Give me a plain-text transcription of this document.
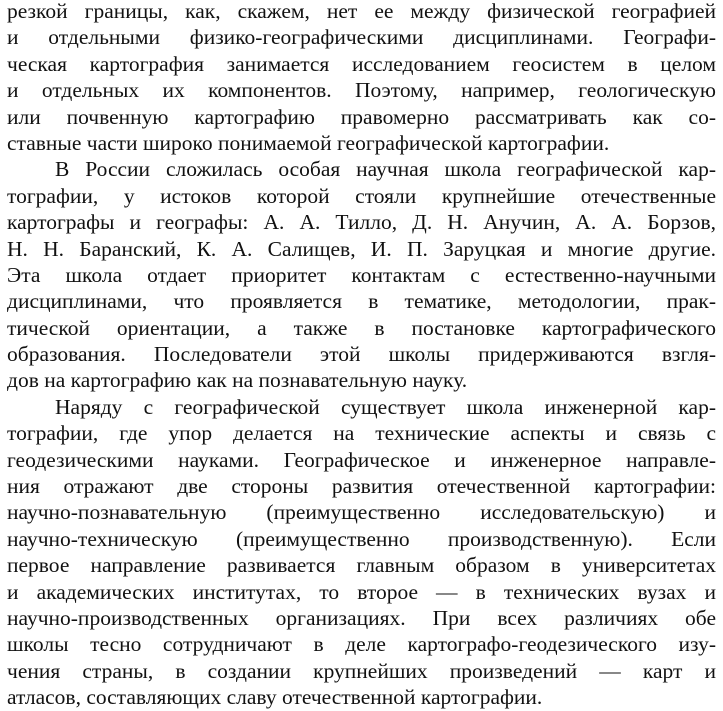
резкой границы, как, скажем, нет ее между физической географией
и отдельными физико-географическими дисциплинами. Географи-
ческая картография занимается исследованием геосистем в целом
и отдельных их компонентов. Поэтому, например, геологическую
или почвенную картографию правомерно рассматривать как со-
ставные части широко понимаемой географической картографии.
В России сложилась особая научная школа географической кар-
тографии, у истоков которой стояли крупнейшие отечественные
картографы и географы: А. А. Тилло, Д. Н. Анучин, А. А. Борзов,
Н. Н. Баранский, К. А. Салищев, И. П. Заруцкая и многие другие.
Эта школа отдает приоритет контактам с естественно-научными
дисциплинами, что проявляется в тематике, методологии, прак-
тической ориентации, а также в постановке картографического
образования. Последователи этой школы придерживаются взгля-
дов на картографию как на познавательную науку.
Наряду с географической существует школа инженерной кар-
тографии, где упор делается на технические аспекты и связь с
геодезическими науками. Географическое и инженерное направле-
ния отражают две стороны развития отечественной картографии:
научно-познавательную (преимущественно исследовательскую) и
научно-техническую (преимущественно производственную). Если
первое направление развивается главным образом в университетах
и академических институтах, то второе — в технических вузах и
научно-производственных организациях. При всех различиях обе
школы тесно сотрудничают в деле картографо-геодезического изу-
чения страны, в создании крупнейших произведений — карт и
атласов, составляющих славу отечественной картографии.
